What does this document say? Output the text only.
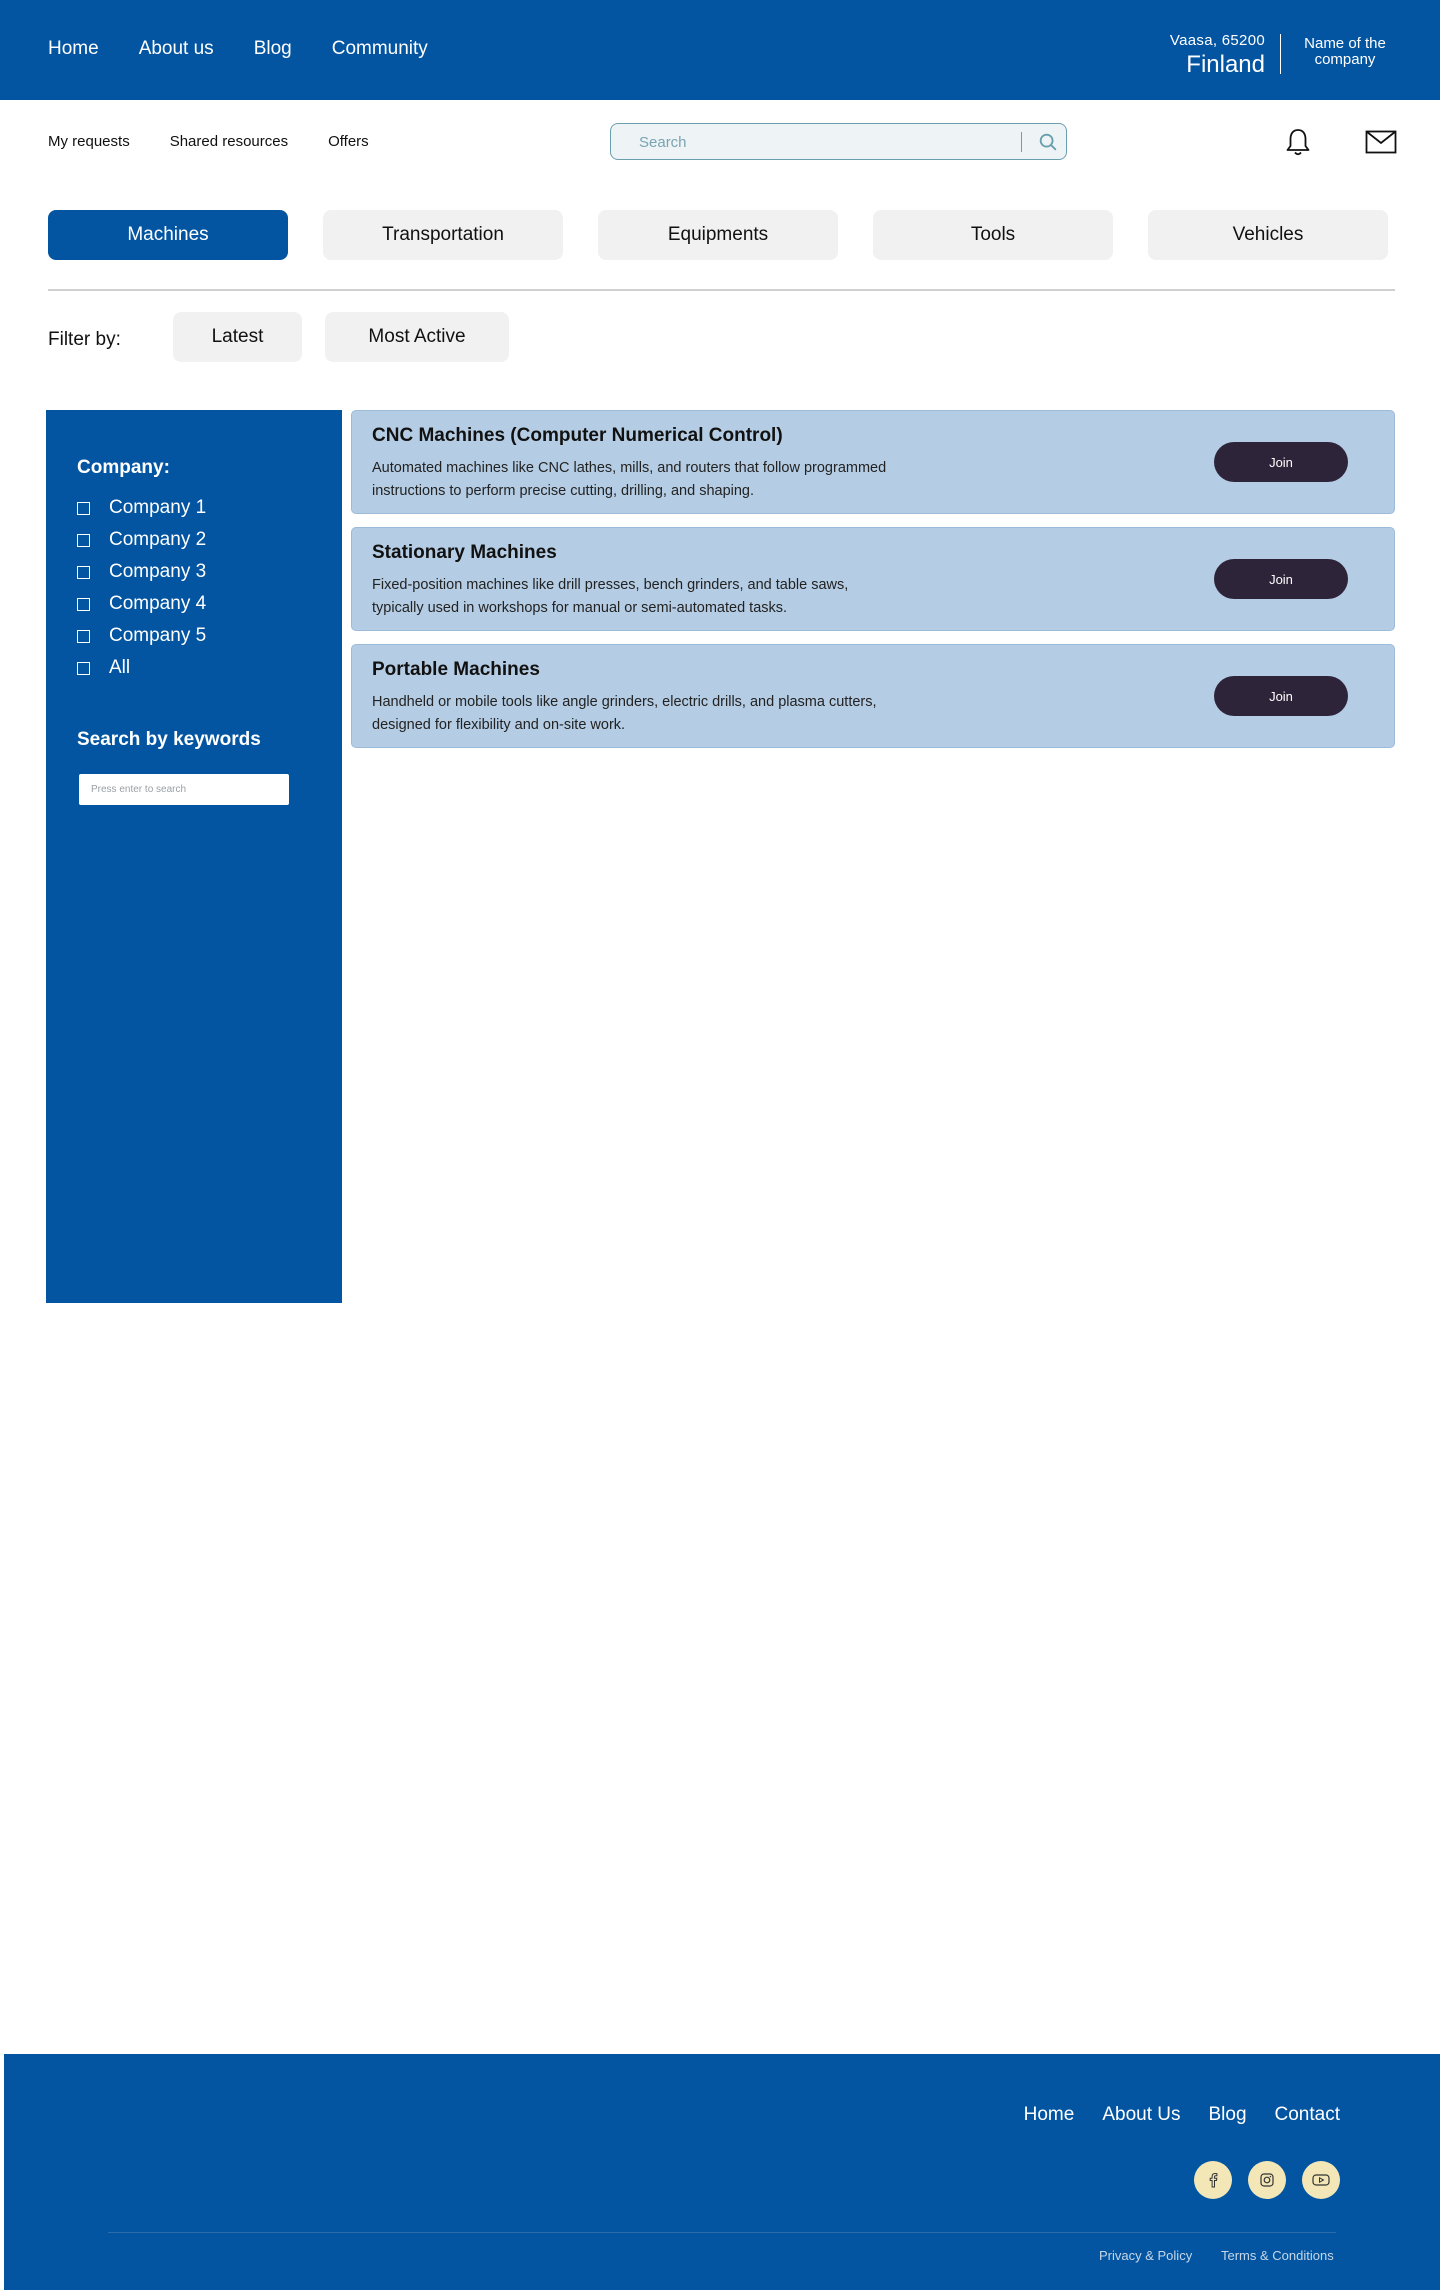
Home About us Blog Community	Vaasa, 65200
Finland
Name of the
company
My requests	Shared resources	Offers
Search
Machines	Transportation	Equipments	Tools	Vehicles
Filter by:	Latest	Most Active
Company:
Company 1
Company 2
Company 3
Company 4
Company 5
All
Search by keywords
Press enter to search
CNC Machines (Computer Numerical Control)
Automated machines like CNC lathes, mills, and routers that follow programmed
instructions to perform precise cutting, drilling, and shaping.
Join
Stationary Machines
Fixed-position machines like drill presses, bench grinders, and table saws,
typically used in workshops for manual or semi-automated tasks.
Join
Portable Machines
Handheld or mobile tools like angle grinders, electric drills, and plasma cutters,
designed for flexibility and on-site work.
Join
Home About Us Blog Contact
Privacy & Policy Terms & Conditions
